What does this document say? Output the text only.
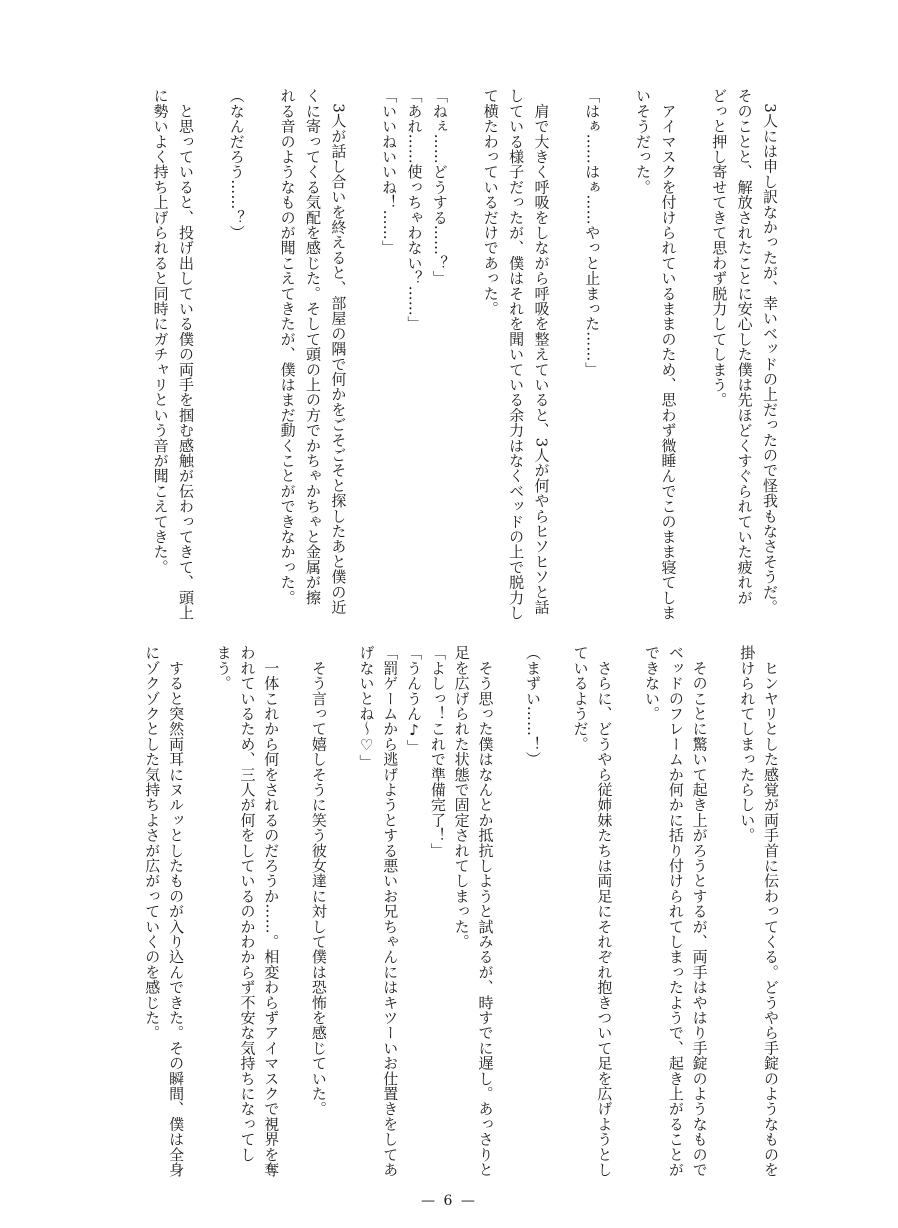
　3人には申し訳なかったが、幸いベッドの上だったので怪我もなさそうだ。
そのことと、解放されたことに安心した僕は先ほどくすぐられていた疲れが
どっと押し寄せてきて思わず脱力してしまう。
　アイマスクを付けられているままのため、思わず微睡んでこのまま寝てしま
いそうだった。
「はぁ……はぁ……やっと止まった……」
　肩で大きく呼吸をしながら呼吸を整えていると、3人が何やらヒソヒソと話
している様子だったが、僕はそれを聞いている余力はなくベッドの上で脱力し
て横たわっているだけであった。
「ねぇ……どうする……？」
「あれ……使っちゃわない？……」
「いいねいいね！……」
　3人が話し合いを終えると、部屋の隅で何かをごそごそと探したあと僕の近
くに寄ってくる気配を感じた。そして頭の上の方でかちゃかちゃと金属が擦
れる音のようなものが聞こえてきたが、僕はまだ動くことができなかった。
（なんだろう……？）
　と思っていると、投げ出している僕の両手を掴む感触が伝わってきて、頭上
に勢いよく持ち上げられると同時にガチャリという音が聞こえてきた。
　ヒンヤリとした感覚が両手首に伝わってくる。どうやら手錠のようなものを
掛けられてしまったらしい。
　そのことに驚いて起き上がろうとするが、両手はやはり手錠のようなもので
ベッドのフレームか何かに括り付けられてしまったようで、起き上がることが
できない。
　さらに、どうやら従姉妹たちは両足にそれぞれ抱きついて足を広げようとし
ているようだ。
（まずい……！）
　そう思った僕はなんとか抵抗しようと試みるが、時すでに遅し。あっさりと
足を広げられた状態で固定されてしまった。
「よしっ！これで準備完了！」
「うんうん♪」
「罰ゲームから逃げようとする悪いお兄ちゃんにはキツーいお仕置きをしてあ
げないとね～♡」
　そう言って嬉しそうに笑う彼女達に対して僕は恐怖を感じていた。
　一体これから何をされるのだろうか……。相変わらずアイマスクで視界を奪
われているため、三人が何をしているのかわからず不安な気持ちになってし
まう。
　すると突然両耳にヌルッとしたものが入り込んできた。その瞬間、僕は全身
にゾクゾクとした気持ちよさが広がっていくのを感じた。
— 6 —
